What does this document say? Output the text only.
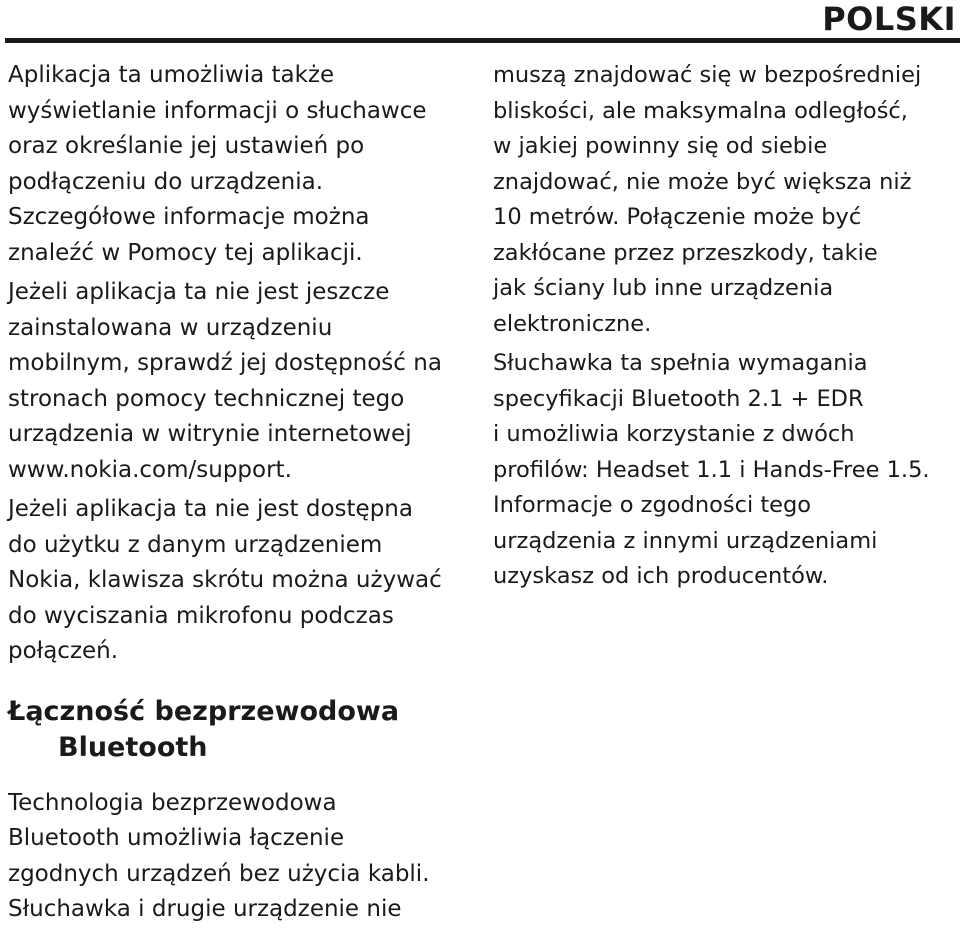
POLSKI

Aplikacja ta umożliwia także
wyświetlanie informacji o słuchawce
oraz określanie jej ustawień po
podłączeniu do urządzenia.
Szczegółowe informacje można
znaleźć w Pomocy tej aplikacji.

Jeżeli aplikacja ta nie jest jeszcze
zainstalowana w urządzeniu
mobilnym, sprawdź jej dostępność na
stronach pomocy technicznej tego
urządzenia w witrynie internetowej
www.nokia.com/support.

Jeżeli aplikacja ta nie jest dostępna
do użytku z danym urządzeniem
Nokia, klawisza skrótu można używać
do wyciszania mikrofonu podczas
połączeń.

Łączność bezprzewodowa
Bluetooth

Technologia bezprzewodowa
Bluetooth umożliwia łączenie
zgodnych urządzeń bez użycia kabli.
Słuchawka i drugie urządzenie nie

muszą znajdować się w bezpośredniej
bliskości, ale maksymalna odległość,
w jakiej powinny się od siebie
znajdować, nie może być większa niż
10 metrów. Połączenie może być
zakłócane przez przeszkody, takie
jak ściany lub inne urządzenia
elektroniczne.

Słuchawka ta spełnia wymagania
specyfikacji Bluetooth 2.1 + EDR
i umożliwia korzystanie z dwóch
profilów: Headset 1.1 i Hands-Free 1.5.

Informacje o zgodności tego
urządzenia z innymi urządzeniami
uzyskasz od ich producentów.
